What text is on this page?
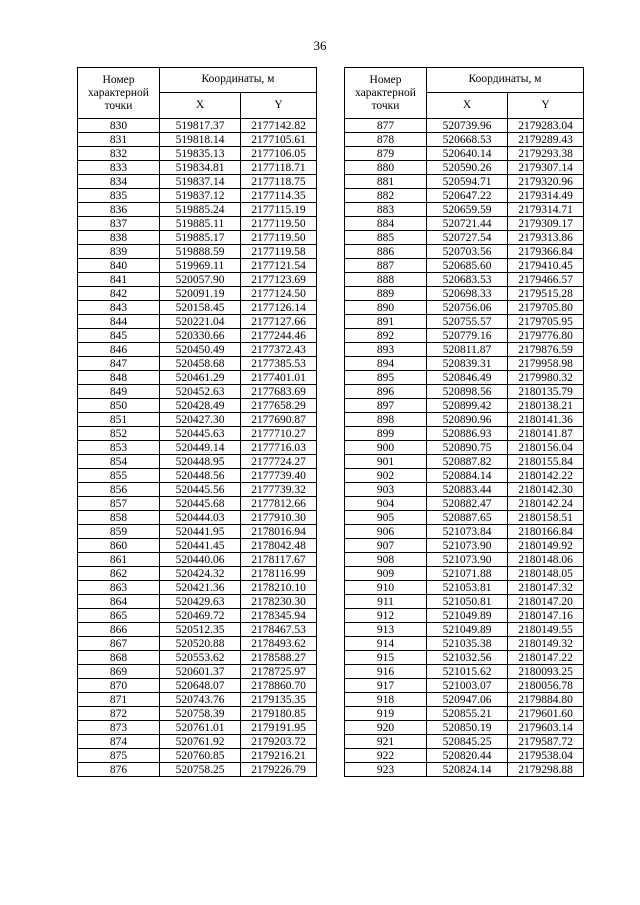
36
Номер характерной точки	Координаты, м	
	X	Y
830	519817.37	2177142.82
831	519818.14	2177105.61
832	519835.13	2177106.05
833	519834.81	2177118.71
834	519837.14	2177118.75
835	519837.12	2177114.35
836	519885.24	2177115.19
837	519885.11	2177119.50
838	519885.17	2177119.50
839	519888.59	2177119.58
840	519969.11	2177121.54
841	520057.90	2177123.69
842	520091.19	2177124.50
843	520158.45	2177126.14
844	520221.04	2177127.66
845	520330.66	2177244.46
846	520450.49	2177372.43
847	520458.68	2177385.53
848	520461.29	2177401.01
849	520452.63	2177683.69
850	520428.49	2177658.29
851	520427.30	2177690.87
852	520445.63	2177710.27
853	520449.14	2177716.03
854	520448.95	2177724.27
855	520448.56	2177739.40
856	520445.56	2177739.32
857	520445.68	2177812.66
858	520444.03	2177910.30
859	520441.95	2178016.94
860	520441.45	2178042.48
861	520440.06	2178117.67
862	520424.32	2178116.99
863	520421.36	2178210.10
864	520429.63	2178230.30
865	520469.72	2178345.94
866	520512.35	2178467.53
867	520520.88	2178493.62
868	520553.62	2178588.27
869	520601.37	2178725.97
870	520648.07	2178860.70
871	520743.76	2179135.35
872	520758.39	2179180.85
873	520761.01	2179191.95
874	520761.92	2179203.72
875	520760.85	2179216.21
876	520758.25	2179226.79
Номер характерной точки	Координаты, м	
	X	Y
877	520739.96	2179283.04
878	520668.53	2179289.43
879	520640.14	2179293.38
880	520590.26	2179307.14
881	520594.71	2179320.96
882	520647.22	2179314.49
883	520659.59	2179314.71
884	520721.44	2179309.17
885	520727.54	2179313.86
886	520703.56	2179366.84
887	520685.60	2179410.45
888	520683.53	2179466.57
889	520698.33	2179515.28
890	520756.06	2179705.80
891	520755.57	2179705.95
892	520779.16	2179776.80
893	520811.87	2179876.59
894	520839.31	2179958.98
895	520846.49	2179980.32
896	520898.56	2180135.79
897	520899.42	2180138.21
898	520890.96	2180141.36
899	520886.93	2180141.87
900	520890.75	2180156.04
901	520887.82	2180155.84
902	520884.14	2180142.22
903	520883.44	2180142.30
904	520882.47	2180142.24
905	520887.65	2180158.51
906	521073.84	2180166.84
907	521073.90	2180149.92
908	521073.90	2180148.06
909	521071.88	2180148.05
910	521053.81	2180147.32
911	521050.81	2180147.20
912	521049.89	2180147.16
913	521049.89	2180149.55
914	521035.38	2180149.32
915	521032.56	2180147.22
916	521015.62	2180093.25
917	521003.07	2180056.78
918	520947.06	2179884.80
919	520855.21	2179601.60
920	520850.19	2179603.14
921	520845.25	2179587.72
922	520820.44	2179538.04
923	520824.14	2179298.88
